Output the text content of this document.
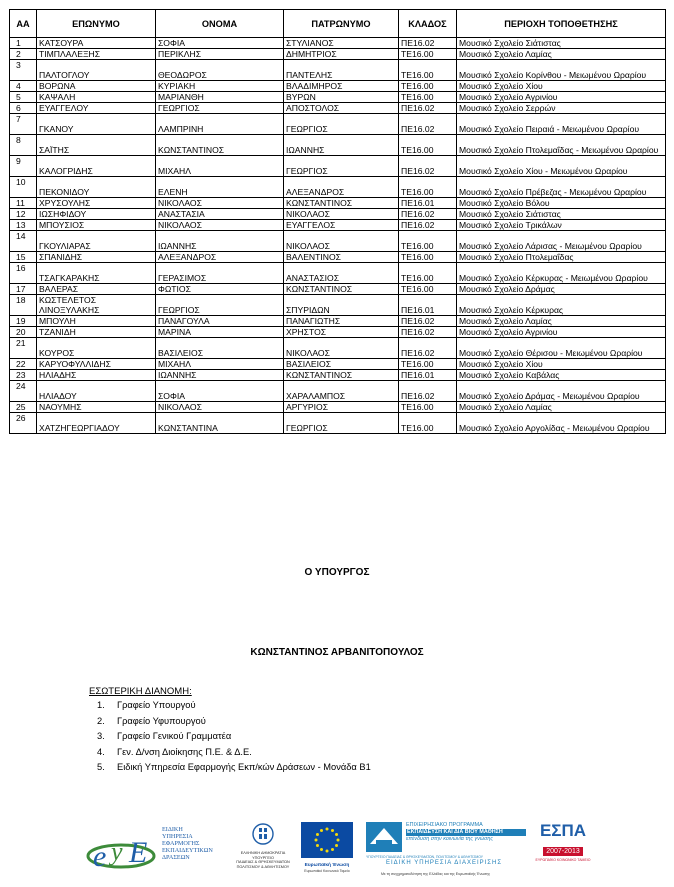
ΑΑ	ΕΠΩΝΥΜΟ	ΟΝΟΜΑ	ΠΑΤΡΩΝΥΜΟ	ΚΛΑΔΟΣ	ΠΕΡΙΟΧΗ ΤΟΠΟΘΕΤΗΣΗΣ
1	ΚΑΤΣΟΥΡΑ	ΣΟΦΙΑ	ΣΤΥΛΙΑΝΟΣ	ΠΕ16.02	Μουσικό Σχολείο Σιάτιστας
2	ΤΙΜΠΛΑΛΕΞΗΣ	ΠΕΡΙΚΛΗΣ	ΔΗΜΗΤΡΙΟΣ	ΤΕ16.00	Μουσικό Σχολείο Λαμίας
3	ΠΑΛΤΟΓΛΟΥ	ΘΕΟΔΩΡΟΣ	ΠΑΝΤΕΛΗΣ	ΤΕ16.00	Μουσικό Σχολείο Κορίνθου - Μειωμένου Ωραρίου
4	ΒΟΡΩΝΑ	ΚΥΡΙΑΚΗ	ΒΛΑΔΙΜΗΡΟΣ	ΤΕ16.00	Μουσικό Σχολείο Χίου
5	ΚΑΨΑΛΗ	ΜΑΡΙΑΝΘΗ	ΒΥΡΩΝ	ΤΕ16.00	Μουσικό Σχολείο Αγρινίου
6	ΕΥΑΓΓΕΛΟΥ	ΓΕΩΡΓΙΟΣ	ΑΠΟΣΤΟΛΟΣ	ΠΕ16.02	Μουσικό Σχολείο Σερρών
7	ΓΚΑΝΟΥ	ΛΑΜΠΡΙΝΗ	ΓΕΩΡΓΙΟΣ	ΠΕ16.02	Μουσικό Σχολείο Πειραιά - Μειωμένου Ωραρίου
8	ΣΑΪΤΗΣ	ΚΩΝΣΤΑΝΤΙΝΟΣ	ΙΩΑΝΝΗΣ	ΤΕ16.00	Μουσικό Σχολείο Πτολεμαΐδας - Μειωμένου Ωραρίου
9	ΚΑΛΟΓΡΙΔΗΣ	ΜΙΧΑΗΛ	ΓΕΩΡΓΙΟΣ	ΠΕ16.02	Μουσικό Σχολείο Χίου - Μειωμένου Ωραρίου
10	ΠΕΚΟΝΙΔΟΥ	ΕΛΕΝΗ	ΑΛΕΞΑΝΔΡΟΣ	ΤΕ16.00	Μουσικό Σχολείο Πρέβεζας - Μειωμένου Ωραρίου
11	ΧΡΥΣΟΥΛΗΣ	ΝΙΚΟΛΑΟΣ	ΚΩΝΣΤΑΝΤΙΝΟΣ	ΠΕ16.01	Μουσικό Σχολείο Βόλου
12	ΙΩΣΗΦΙΔΟΥ	ΑΝΑΣΤΑΣΙΑ	ΝΙΚΟΛΑΟΣ	ΠΕ16.02	Μουσικό Σχολείο Σιάτιστας
13	ΜΠΟΥΣΙΟΣ	ΝΙΚΟΛΑΟΣ	ΕΥΑΓΓΕΛΟΣ	ΠΕ16.02	Μουσικό Σχολείο Τρικάλων
14	ΓΚΟΥΛΙΑΡΑΣ	ΙΩΑΝΝΗΣ	ΝΙΚΟΛΑΟΣ	ΤΕ16.00	Μουσικό Σχολείο Λάρισας - Μειωμένου Ωραρίου
15	ΣΠΑΝΙΔΗΣ	ΑΛΕΞΑΝΔΡΟΣ	ΒΑΛΕΝΤΙΝΟΣ	ΤΕ16.00	Μουσικό Σχολείο Πτολεμαΐδας
16	ΤΣΑΓΚΑΡΑΚΗΣ	ΓΕΡΑΣΙΜΟΣ	ΑΝΑΣΤΑΣΙΟΣ	ΤΕ16.00	Μουσικό Σχολείο Κέρκυρας - Μειωμένου Ωραρίου
17	ΒΑΛΕΡΑΣ	ΦΩΤΙΟΣ	ΚΩΝΣΤΑΝΤΙΝΟΣ	ΤΕ16.00	Μουσικό Σχολείο Δράμας
18	ΚΩΣΤΕΛΕΤΟΣ ΛΙΝΟΞΥΛΑΚΗΣ	ΓΕΩΡΓΙΟΣ	ΣΠΥΡΙΔΩΝ	ΠΕ16.01	Μουσικό Σχολείο Κέρκυρας
19	ΜΠΟΥΛΗ	ΠΑΝΑΓΟΥΛΑ	ΠΑΝΑΓΙΩΤΗΣ	ΠΕ16.02	Μουσικό Σχολείο Λαμίας
20	ΤΖΑΝΙΔΗ	ΜΑΡΙΝΑ	ΧΡΗΣΤΟΣ	ΠΕ16.02	Μουσικό Σχολείο Αγρινίου
21	ΚΟΥΡΟΣ	ΒΑΣΙΛΕΙΟΣ	ΝΙΚΟΛΑΟΣ	ΠΕ16.02	Μουσικό Σχολείο Θέρισου - Μειωμένου Ωραρίου
22	ΚΑΡΥΟΦΥΛΛΙΔΗΣ	ΜΙΧΑΗΛ	ΒΑΣΙΛΕΙΟΣ	ΤΕ16.00	Μουσικό Σχολείο Χίου
23	ΗΛΙΑΔΗΣ	ΙΩΑΝΝΗΣ	ΚΩΝΣΤΑΝΤΙΝΟΣ	ΠΕ16.01	Μουσικό Σχολείο Καβάλας
24	ΗΛΙΑΔΟΥ	ΣΟΦΙΑ	ΧΑΡΑΛΑΜΠΟΣ	ΠΕ16.02	Μουσικό Σχολείο Δράμας - Μειωμένου Ωραρίου
25	ΝΑΟΥΜΗΣ	ΝΙΚΟΛΑΟΣ	ΑΡΓΥΡΙΟΣ	ΤΕ16.00	Μουσικό Σχολείο Λαμίας
26	ΧΑΤΖΗΓΕΩΡΓΙΑΔΟΥ	ΚΩΝΣΤΑΝΤΙΝΑ	ΓΕΩΡΓΙΟΣ	ΤΕ16.00	Μουσικό Σχολείο Αργολίδας - Μειωμένου Ωραρίου
Ο ΥΠΟΥΡΓΟΣ
ΚΩΝΣΤΑΝΤΙΝΟΣ ΑΡΒΑΝΙΤΟΠΟΥΛΟΣ
ΕΣΩΤΕΡΙΚΗ ΔΙΑΝΟΜΗ:
1. Γραφείο Υπουργού
2. Γραφείο Υφυπουργού
3. Γραφείο Γενικού Γραμματέα
4. Γεν. Δ/νση Διοίκησης Π.Ε. & Δ.Ε.
5. Ειδική Υπηρεσία Εφαρμογής Εκπ/κών Δράσεων - Μονάδα Β1
e y E
ΕΙΔΙΚΗ
ΥΠΗΡΕΣΙΑ
ΕΦΑΡΜΟΓΗΣ
ΕΚΠΑΙΔΕΥΤΙΚΩΝ
ΔΡΑΣΕΩΝ
ΕΛΛΗΝΙΚΗ ΔΗΜΟΚΡΑΤΙΑ
ΥΠΟΥΡΓΕΙΟ
ΠΑΙΔΕΙΑΣ & ΘΡΗΣΚΕΥΜΑΤΩΝ
ΠΟΛΙΤΙΣΜΟΥ & ΑΘΛΗΤΙΣΜΟΥ	Ευρωπαϊκή Ένωση
Ευρωπαϊκό Κοινωνικό Ταμείο
ΕΠΙΧΕΙΡΗΣΙΑΚΟ ΠΡΟΓΡΑΜΜΑ
ΕΚΠΑΙΔΕΥΣΗ ΚΑΙ ΔΙΑ ΒΙΟΥ ΜΑΘΗΣΗ
επένδυση στην κοινωνία της γνώσης
ΥΠΟΥΡΓΕΙΟ ΠΑΙΔΕΙΑΣ & ΘΡΗΣΚΕΥΜΑΤΩΝ, ΠΟΛΙΤΙΣΜΟΥ & ΑΘΛΗΤΙΣΜΟΥ
ΕΙΔΙΚΗ ΥΠΗΡΕΣΙΑ ΔΙΑΧΕΙΡΙΣΗΣ
ΕΣΠΑ
2007-2013
ΕΥΡΩΠΑΪΚΟ ΚΟΙΝΩΝΙΚΟ ΤΑΜΕΙΟ
Με τη συγχρηματοδότηση της Ελλάδας και της Ευρωπαϊκής Ένωσης
